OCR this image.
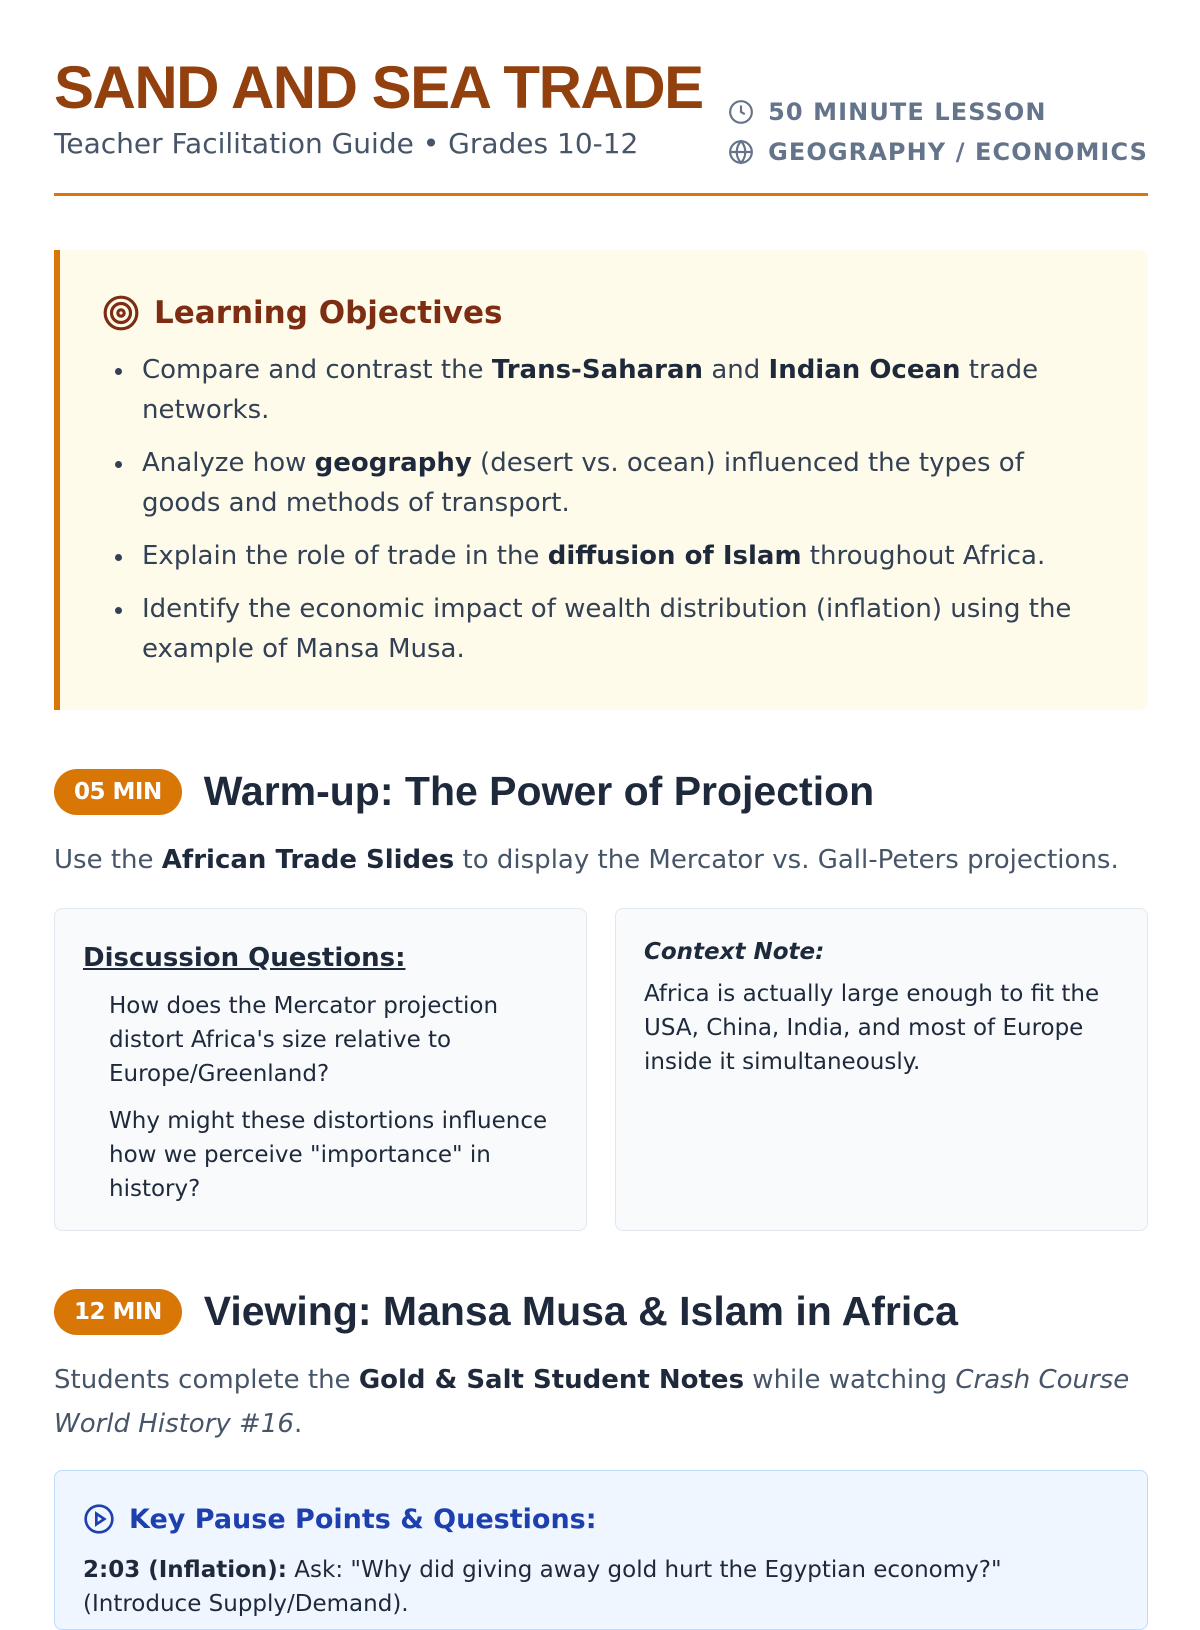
SAND AND SEA TRADE
Teacher Facilitation Guide • Grades 10-12
50 MINUTE LESSON
GEOGRAPHY / ECONOMICS
Learning Objectives
Compare and contrast the Trans-Saharan and Indian Ocean trade networks.
Analyze how geography (desert vs. ocean) influenced the types of goods and methods of transport.
Explain the role of trade in the diffusion of Islam throughout Africa.
Identify the economic impact of wealth distribution (inflation) using the example of Mansa Musa.
05 MIN	Warm-up: The Power of Projection
Use the African Trade Slides to display the Mercator vs. Gall-Peters projections.
Discussion Questions:
How does the Mercator projection distort Africa's size relative to Europe/Greenland?
Why might these distortions influence how we perceive "importance" in history?
Context Note:
Africa is actually large enough to fit the USA, China, India, and most of Europe inside it simultaneously.
12 MIN	Viewing: Mansa Musa & Islam in Africa
Students complete the Gold & Salt Student Notes while watching Crash Course World History #16.
Key Pause Points & Questions:
2:03 (Inflation): Ask: "Why did giving away gold hurt the Egyptian economy?" (Introduce Supply/Demand).
